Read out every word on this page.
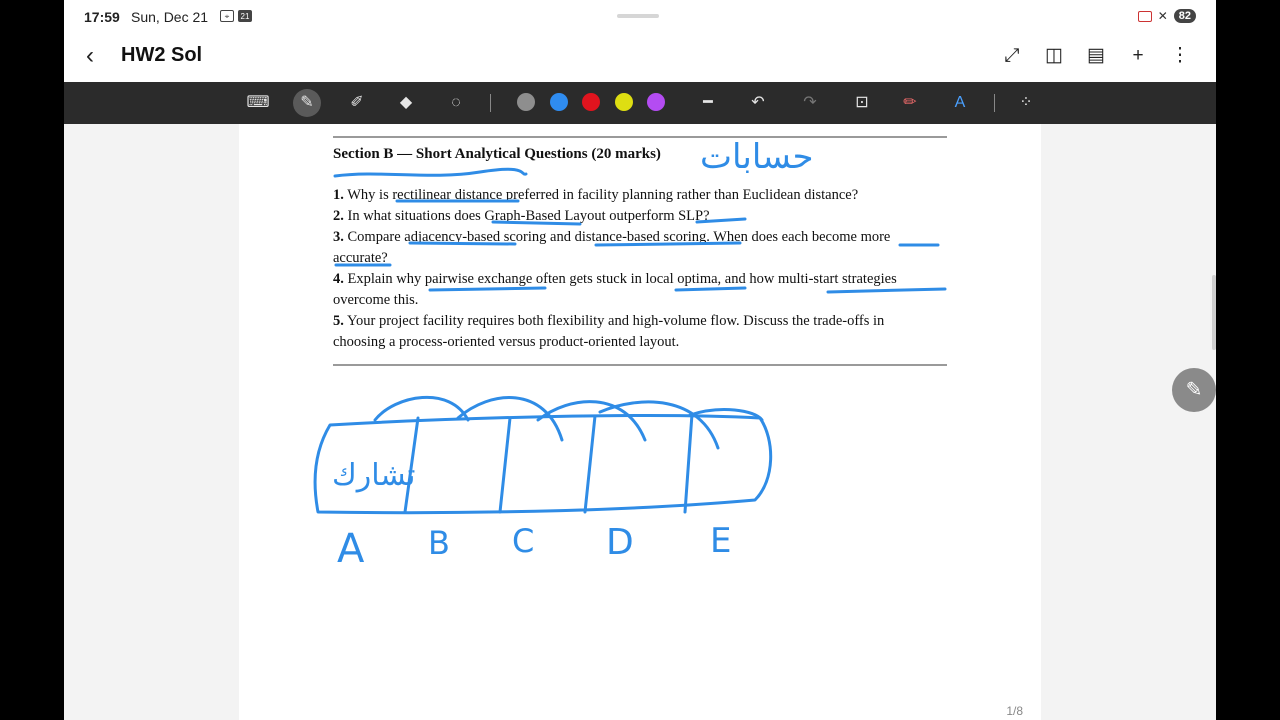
17:59 Sun, Dec 21	⌖	21	✕	82
‹	HW2 Sol	⤢ ◫ ▤	+	⋮
⌨	✎	✐	◆	◌	━	↶	↷	⊡	✏	A	⁘
Section B — Short Analytical Questions (20 marks)
1. Why is rectilinear distance preferred in facility planning rather than Euclidean distance?
2. In what situations does Graph-Based Layout outperform SLP?
3. Compare adjacency-based scoring and distance-based scoring. When does each become more
accurate?
4. Explain why pairwise exchange often gets stuck in local optima, and how multi-start strategies
overcome this.
5. Your project facility requires both flexibility and high-volume flow. Discuss the trade-offs in
choosing a process-oriented versus product-oriented layout.
1/8
✎
حسابات
تشارك
A B C D E
